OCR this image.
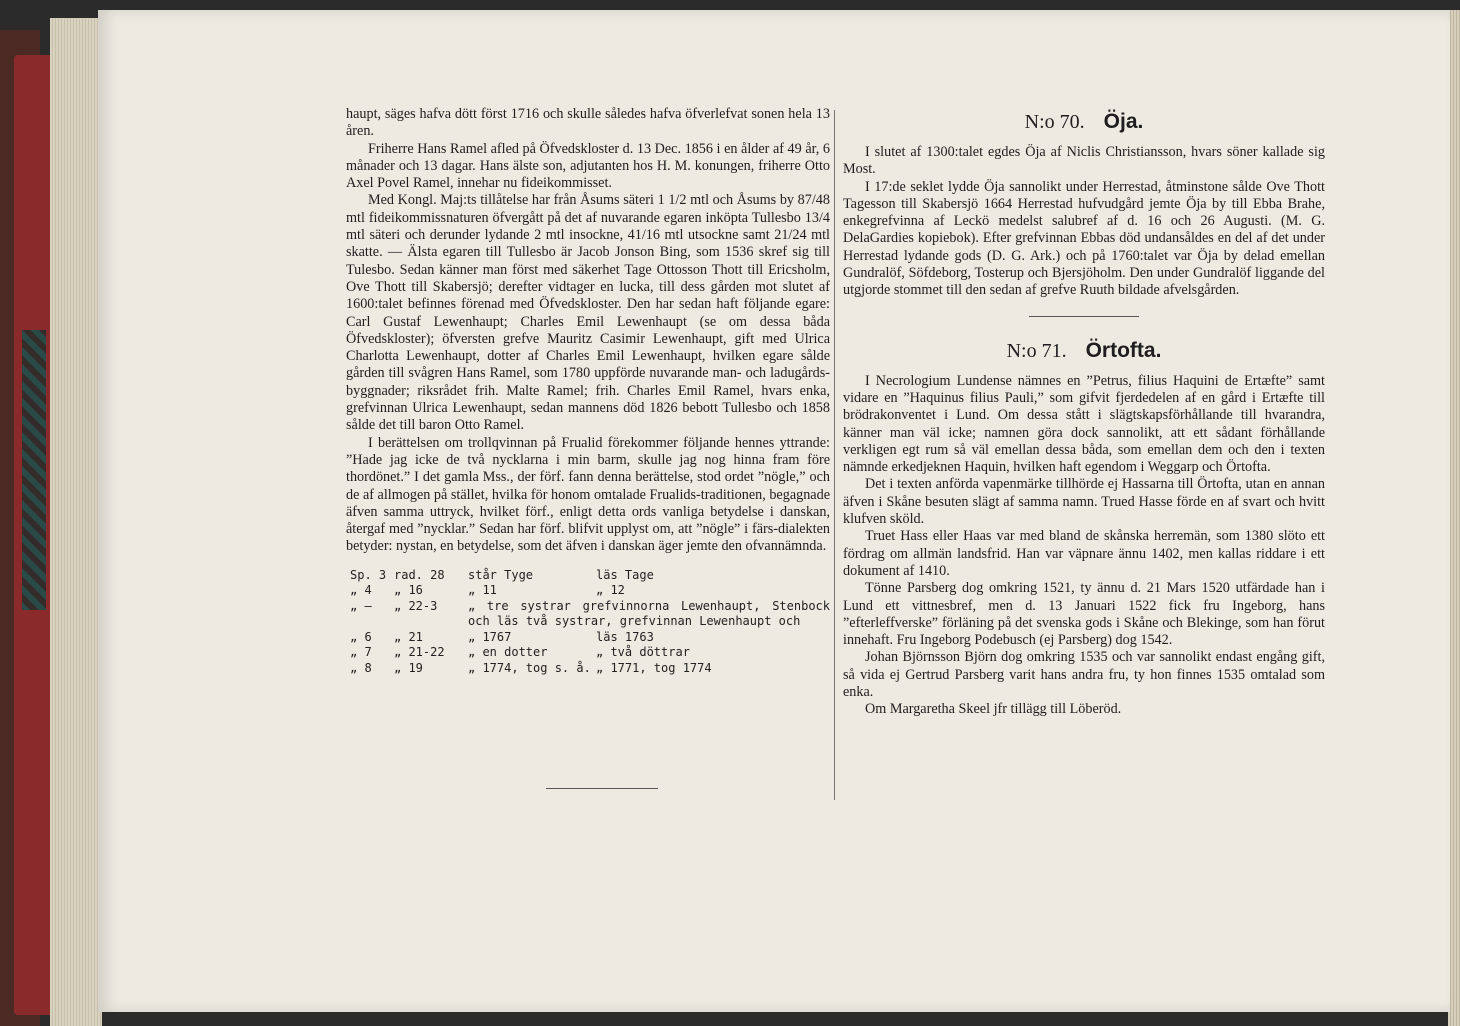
haupt, säges hafva dött först 1716 och skulle således hafva öfverlefvat sonen hela 13 åren.

Friherre Hans Ramel afled på Öfvedskloster d. 13 Dec. 1856 i en ålder af 49 år, 6 månader och 13 dagar. Hans älste son, adjutanten hos H. M. konungen, friherre Otto Axel Povel Ramel, innehar nu fideikommisset.

Med Kongl. Maj:ts tillåtelse har från Åsums säteri 1 1/2 mtl och Åsums by 87/48 mtl fideikommissnaturen öfvergått på det af nuvarande egaren inköpta Tullesbo 13/4 mtl säteri och derunder lydande 2 mtl insockne, 41/16 mtl utsockne samt 21/24 mtl skatte. — Älsta egaren till Tullesbo är Jacob Jonson Bing, som 1536 skref sig till Tulesbo. Sedan känner man först med säkerhet Tage Ottosson Thott till Ericsholm, Ove Thott till Skabersjö; derefter vidtager en lucka, till dess gården mot slutet af 1600:talet befinnes förenad med Öfvedskloster. Den har sedan haft följande egare: Carl Gustaf Lewenhaupt; Charles Emil Lewenhaupt (se om dessa båda Öfvedskloster); öfversten grefve Mauritz Casimir Lewenhaupt, gift med Ulrica Charlotta Lewenhaupt, dotter af Charles Emil Lewenhaupt, hvilken egare sålde gården till svågren Hans Ramel, som 1780 uppförde nuvarande man- och ladugårds-byggnader; riksrådet frih. Malte Ramel; frih. Charles Emil Ramel, hvars enka, grefvinnan Ulrica Lewenhaupt, sedan mannens död 1826 bebott Tullesbo och 1858 sålde det till baron Otto Ramel.

I berättelsen om trollqvinnan på Frualid förekommer följande hennes yttrande: ”Hade jag icke de två nycklarna i min barm, skulle jag nog hinna fram före thordönet.” I det gamla Mss., der förf. fann denna berättelse, stod ordet ”nögle,” och de af allmogen på stället, hvilka för honom omtalade Frualids-traditionen, begagnade äfven samma uttryck, hvilket förf., enligt detta ords vanliga betydelse i danskan, återgaf med ”nycklar.” Sedan har förf. blifvit upplyst om, att ”nögle” i färs-dialekten betyder: nystan, en betydelse, som det äfven i danskan äger jemte den ofvannämnda.

Sp. 3 rad. 28	står Tyge	läs Tage
„ 4	„ 16	„ 11	„ 12
„ —	„ 22-3	„ tre systrar grefvinnorna Lewenhaupt, Stenbock och läs två systrar, grefvinnan Lewenhaupt och
„ 6	„ 21	„ 1767	läs 1763
„ 7	„ 21-22	„ en dotter	„ två döttrar
„ 8	„ 19	„ 1774, tog s. å. „ 1771, tog 1774
N:o 70. Öja.

I slutet af 1300:talet egdes Öja af Niclis Christiansson, hvars söner kallade sig Most.

I 17:de seklet lydde Öja sannolikt under Herrestad, åtminstone sålde Ove Thott Tagesson till Skabersjö 1664 Herrestad hufvudgård jemte Öja by till Ebba Brahe, enkegrefvinna af Leckö medelst salubref af d. 16 och 26 Augusti. (M. G. DelaGardies kopiebok). Efter grefvinnan Ebbas död undansåldes en del af det under Herrestad lydande gods (D. G. Ark.) och på 1760:talet var Öja by delad emellan Gundralöf, Söfdeborg, Tosterup och Bjersjöholm. Den under Gundralöf liggande del utgjorde stommet till den sedan af grefve Ruuth bildade afvelsgården.

N:o 71. Örtofta.

I Necrologium Lundense nämnes en ”Petrus, filius Haquini de Ertæfte” samt vidare en ”Haquinus filius Pauli,” som gifvit fjerdedelen af en gård i Ertæfte till brödrakonventet i Lund. Om dessa stått i slägtskapsförhållande till hvarandra, känner man väl icke; namnen göra dock sannolikt, att ett sådant förhållande verkligen egt rum så väl emellan dessa båda, som emellan dem och den i texten nämnde erkedjeknen Haquin, hvilken haft egendom i Weggarp och Örtofta.

Det i texten anförda vapenmärke tillhörde ej Hassarna till Örtofta, utan en annan äfven i Skåne besuten slägt af samma namn. Trued Hasse förde en af svart och hvitt klufven sköld.

Truet Hass eller Haas var med bland de skånska herremän, som 1380 slöto ett fördrag om allmän landsfrid. Han var väpnare ännu 1402, men kallas riddare i ett dokument af 1410.

Tönne Parsberg dog omkring 1521, ty ännu d. 21 Mars 1520 utfärdade han i Lund ett vittnesbref, men d. 13 Januari 1522 fick fru Ingeborg, hans ”efterleffverske” förläning på det svenska gods i Skåne och Blekinge, som han förut innehaft. Fru Ingeborg Podebusch (ej Parsberg) dog 1542.

Johan Björnsson Björn dog omkring 1535 och var sannolikt endast engång gift, så vida ej Gertrud Parsberg varit hans andra fru, ty hon finnes 1535 omtalad som enka.

Om Margaretha Skeel jfr tillägg till Löberöd.
